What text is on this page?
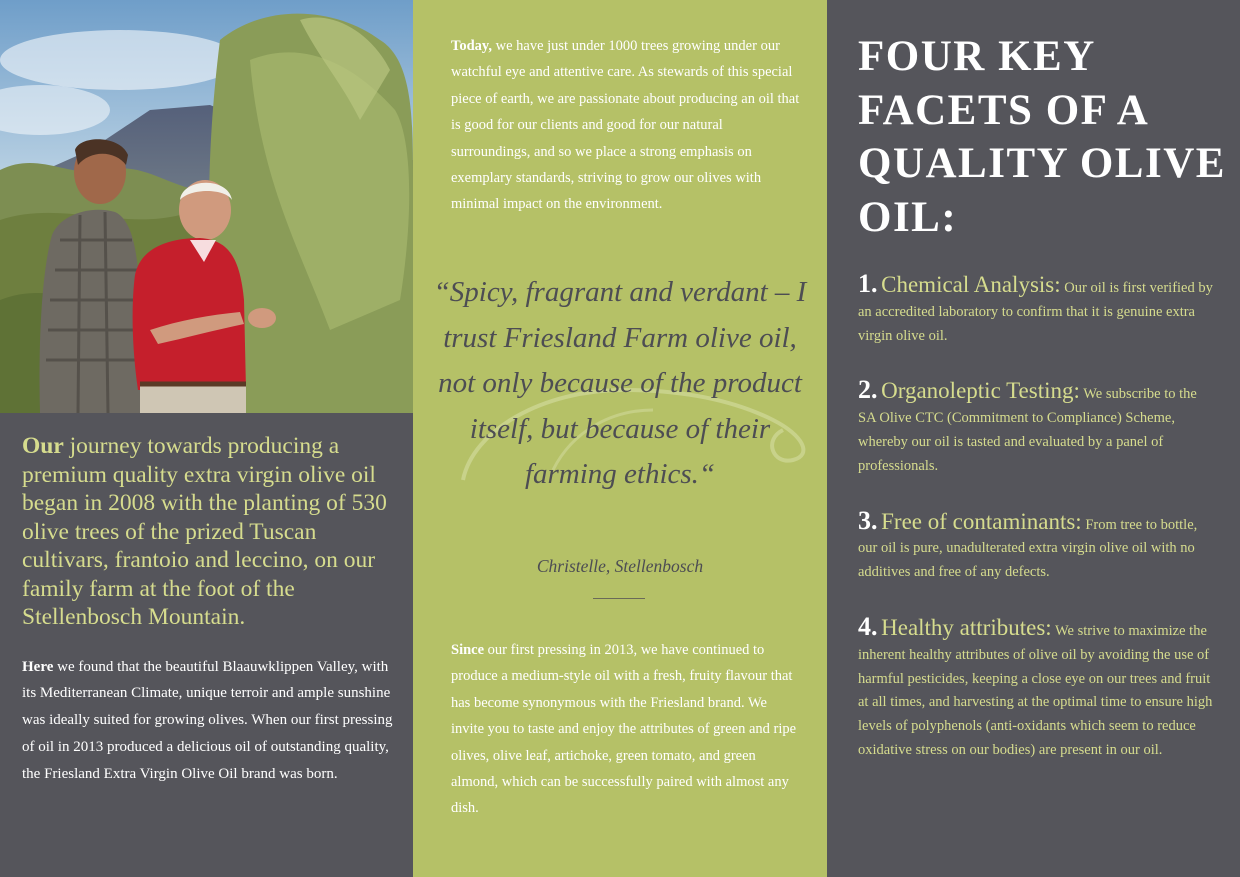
Our journey towards producing a premium quality extra virgin olive oil began in 2008 with the planting of 530 olive trees of the prized Tuscan cultivars, frantoio and leccino, on our family farm at the foot of the Stellenbosch Mountain.

Here we found that the beautiful Blaauwklippen Valley, with its Mediterranean Climate, unique terroir and ample sunshine was ideally suited for growing olives. When our first pressing of oil in 2013 produced a delicious oil of outstanding quality, the Friesland Extra Virgin Olive Oil brand was born.

Today, we have just under 1000 trees growing under our watchful eye and attentive care. As stewards of this special piece of earth, we are passionate about producing an oil that is good for our clients and good for our natural surroundings, and so we place a strong emphasis on exemplary standards, striving to grow our olives with minimal impact on the environment.

“Spicy, fragrant and verdant – I trust Friesland Farm olive oil, not only because of the product itself, but because of their farming ethics.“

Christelle, Stellenbosch

Since our first pressing in 2013, we have continued to produce a medium-style oil with a fresh, fruity flavour that has become synonymous with the Friesland brand. We invite you to taste and enjoy the attributes of green and ripe olives, olive leaf, artichoke, green tomato, and green almond, which can be successfully paired with almost any dish.

FOUR KEY FACETS OF A QUALITY OLIVE OIL:

1. Chemical Analysis: Our oil is first verified by an accredited laboratory to confirm that it is genuine extra virgin olive oil.

2. Organoleptic Testing: We subscribe to the SA Olive CTC (Commitment to Compliance) Scheme, whereby our oil is tasted and evaluated by a panel of professionals.

3. Free of contaminants: From tree to bottle, our oil is pure, unadulterated extra virgin olive oil with no additives and free of any defects.

4. Healthy attributes: We strive to maximize the inherent healthy attributes of olive oil by avoiding the use of harmful pesticides, keeping a close eye on our trees and fruit at all times, and harvesting at the optimal time to ensure high levels of polyphenols (anti-oxidants which seem to reduce oxidative stress on our bodies) are present in our oil.
